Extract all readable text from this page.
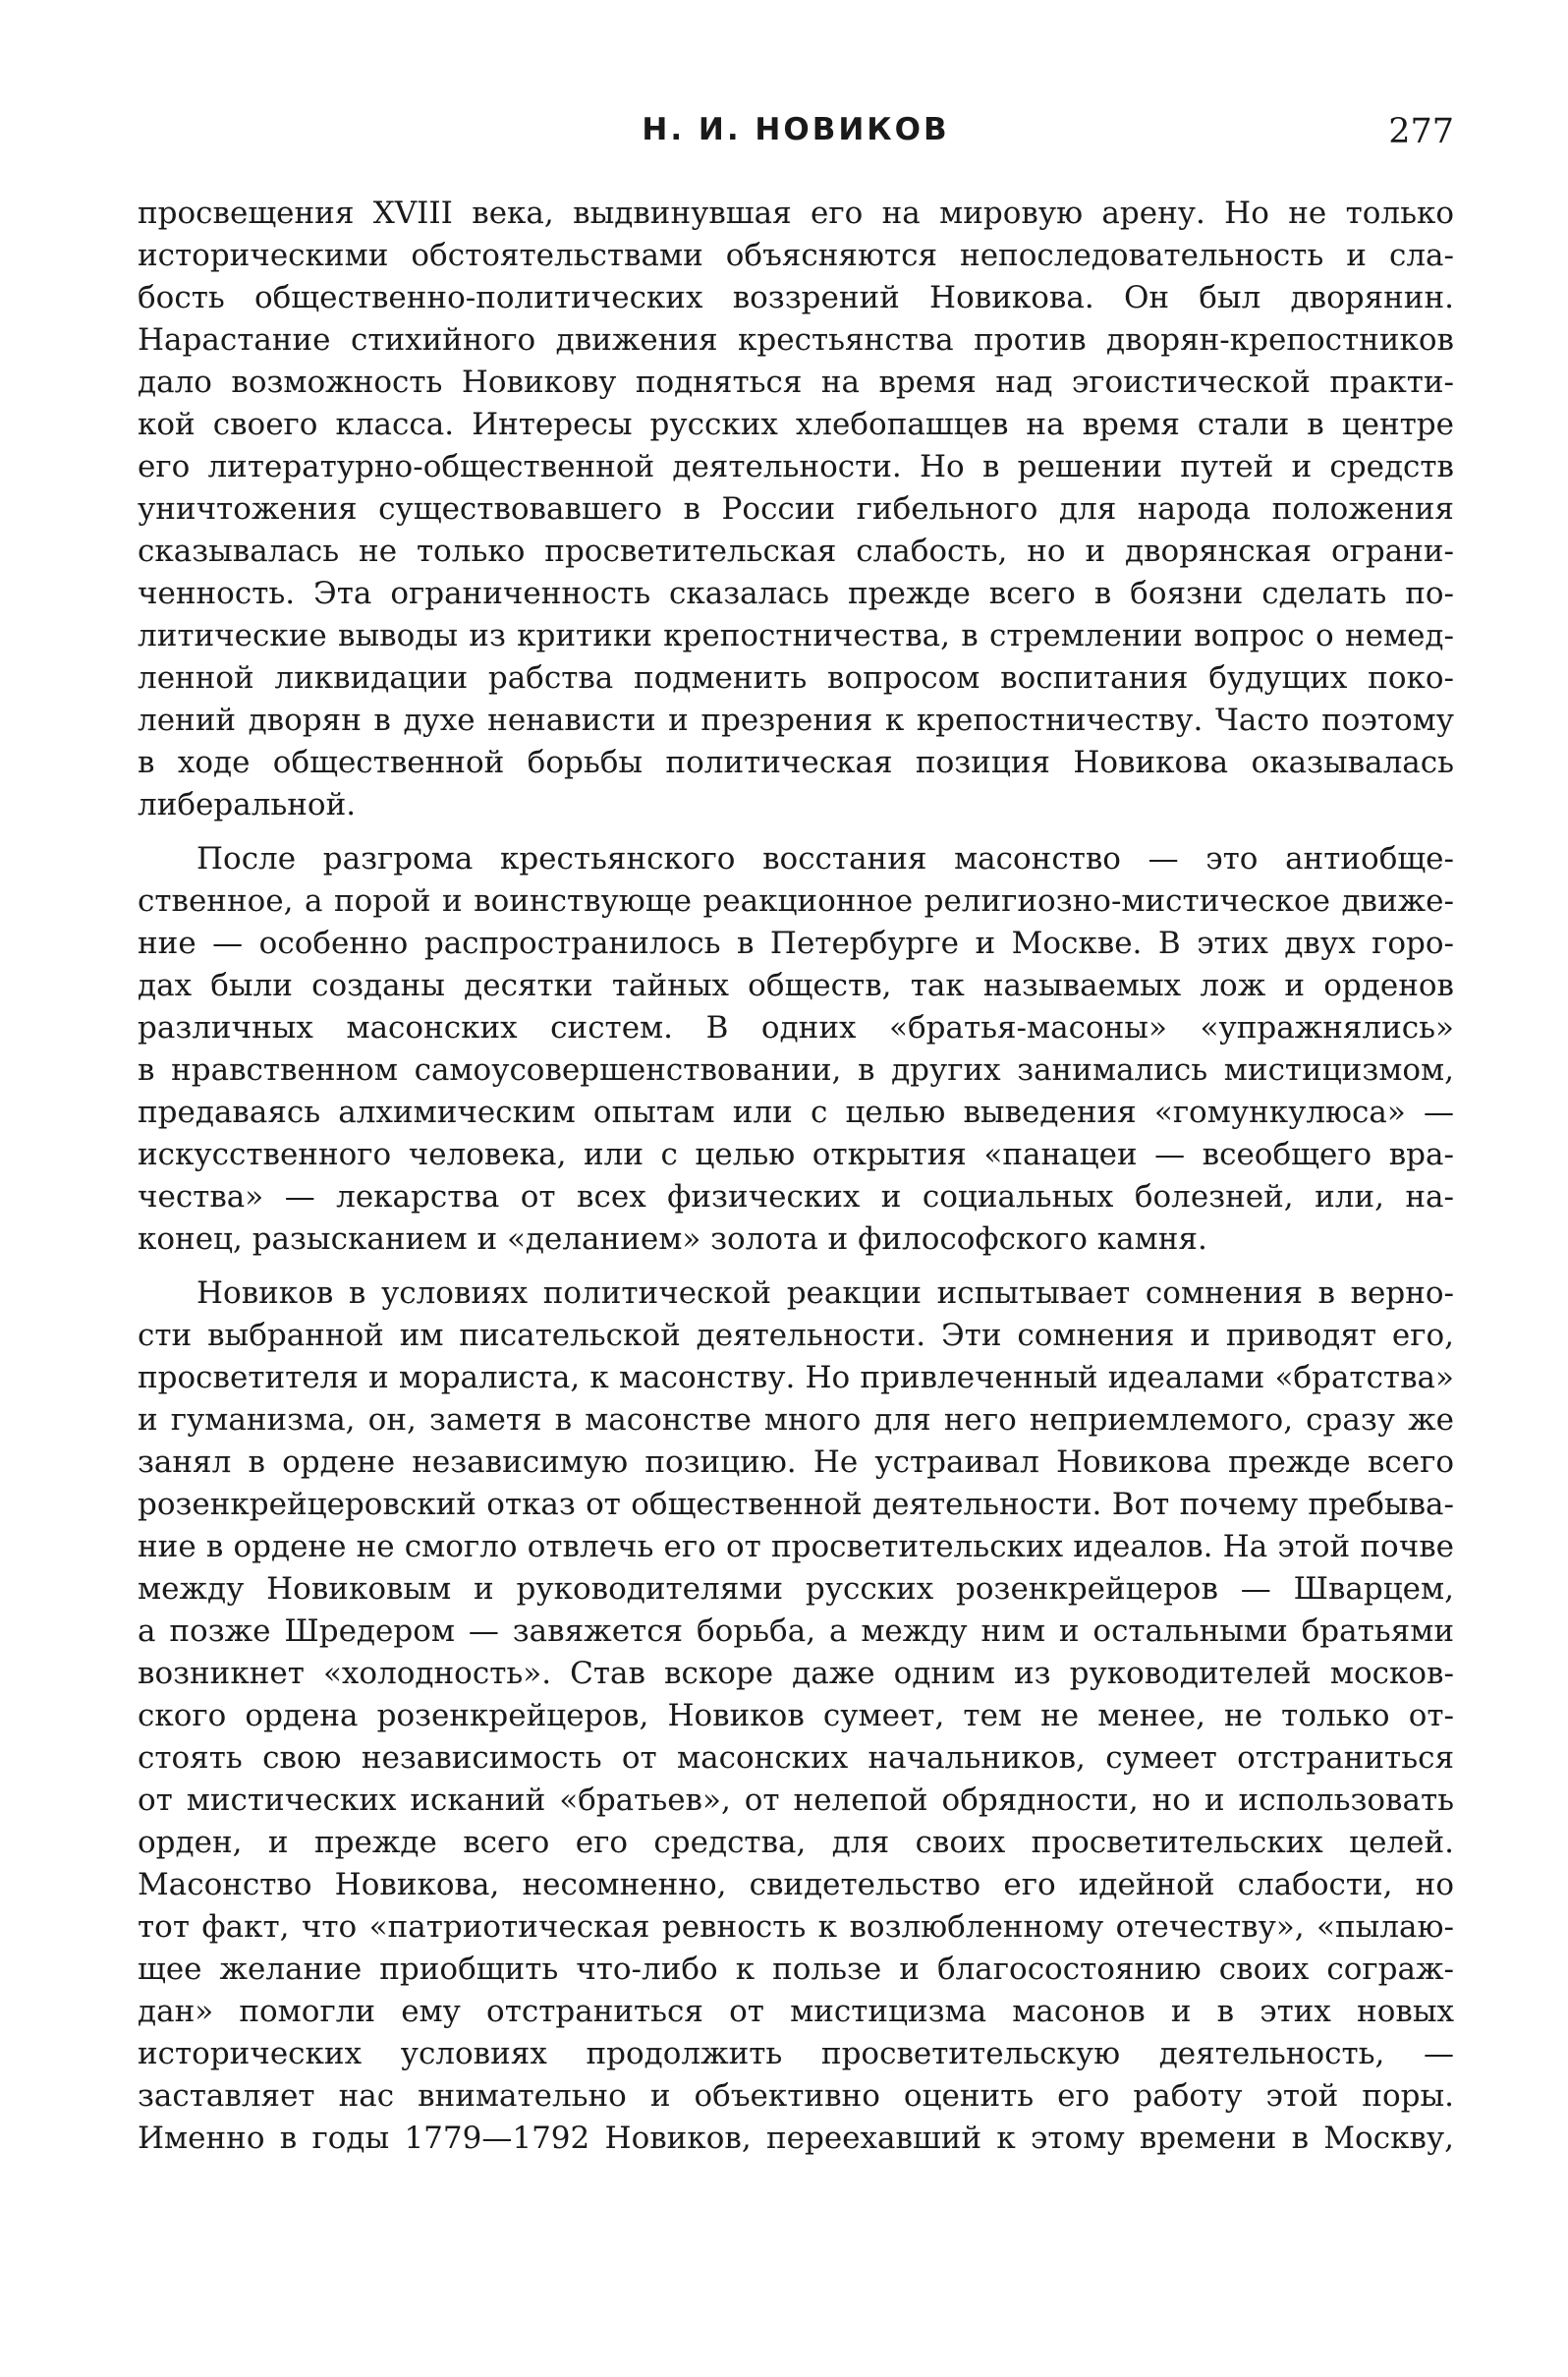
Н. И. НОВИКОВ	277
просвещения XVIII века, выдвинувшая его на мировую арену. Но не только
историческими обстоятельствами объясняются непоследовательность и сла-
бость общественно-политических воззрений Новикова. Он был дворянин.
Нарастание стихийного движения крестьянства против дворян-крепостников
дало возможность Новикову подняться на время над эгоистической практи-
кой своего класса. Интересы русских хлебопашцев на время стали в центре
его литературно-общественной деятельности. Но в решении путей и средств
уничтожения существовавшего в России гибельного для народа положения
сказывалась не только просветительская слабость, но и дворянская ограни-
ченность. Эта ограниченность сказалась прежде всего в боязни сделать по-
литические выводы из критики крепостничества, в стремлении вопрос о немед-
ленной ликвидации рабства подменить вопросом воспитания будущих поко-
лений дворян в духе ненависти и презрения к крепостничеству. Часто поэтому
в ходе общественной борьбы политическая позиция Новикова оказывалась
либеральной.
После разгрома крестьянского восстания масонство — это антиобще-
ственное, а порой и воинствующе реакционное религиозно-мистическое движе-
ние — особенно распространилось в Петербурге и Москве. В этих двух горо-
дах были созданы десятки тайных обществ, так называемых лож и орденов
различных масонских систем. В одних «братья-масоны» «упражнялись»
в нравственном самоусовершенствовании, в других занимались мистицизмом,
предаваясь алхимическим опытам или с целью выведения «гомункулюса» —
искусственного человека, или с целью открытия «панацеи — всеобщего вра-
чества» — лекарства от всех физических и социальных болезней, или, на-
конец, разысканием и «деланием» золота и философского камня.
Новиков в условиях политической реакции испытывает сомнения в верно-
сти выбранной им писательской деятельности. Эти сомнения и приводят его,
просветителя и моралиста, к масонству. Но привлеченный идеалами «братства»
и гуманизма, он, заметя в масонстве много для него неприемлемого, сразу же
занял в ордене независимую позицию. Не устраивал Новикова прежде всего
розенкрейцеровский отказ от общественной деятельности. Вот почему пребыва-
ние в ордене не смогло отвлечь его от просветительских идеалов. На этой почве
между Новиковым и руководителями русских розенкрейцеров — Шварцем,
а позже Шредером — завяжется борьба, а между ним и остальными братьями
возникнет «холодность». Став вскоре даже одним из руководителей москов-
ского ордена розенкрейцеров, Новиков сумеет, тем не менее, не только от-
стоять свою независимость от масонских начальников, сумеет отстраниться
от мистических исканий «братьев», от нелепой обрядности, но и использовать
орден, и прежде всего его средства, для своих просветительских целей.
Масонство Новикова, несомненно, свидетельство его идейной слабости, но
тот факт, что «патриотическая ревность к возлюбленному отечеству», «пылаю-
щее желание приобщить что-либо к пользе и благосостоянию своих сограж-
дан» помогли ему отстраниться от мистицизма масонов и в этих новых
исторических условиях продолжить просветительскую деятельность, —
заставляет нас внимательно и объективно оценить его работу этой поры.
Именно в годы 1779—1792 Новиков, переехавший к этому времени в Москву,
